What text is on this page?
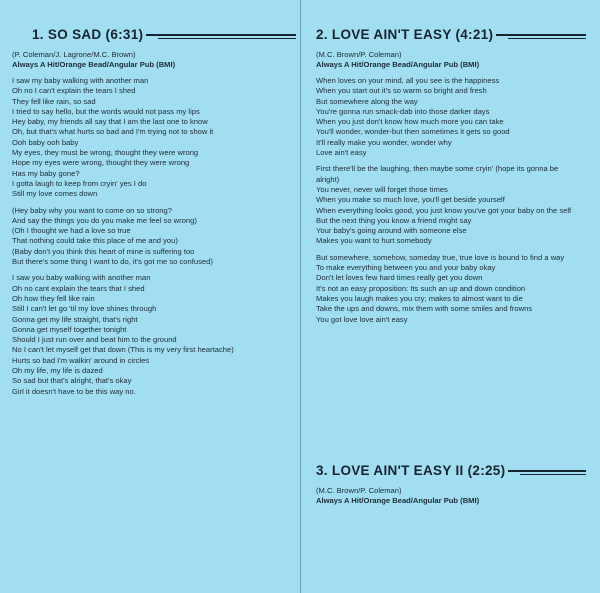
1. SO SAD (6:31)
(P. Coleman/J. Lagrone/M.C. Brown)
Always A Hit/Orange Bead/Angular Pub (BMI)
I saw my baby walking with another man
Oh no I can't explain the tears I shed
They fell like rain, so sad
I tried to say hello, but the words would not pass my lips
Hey baby, my friends all say that I am the last one to know
Oh, but that's what hurts so bad and I'm trying not to show it
Ooh baby ooh baby
My eyes, they must be wrong, thought they were wrong
Hope my eyes were wrong, thought they were wrong
Has my baby gone?
I gotta laugh to keep from cryin' yes I do
Still my love comes down
(Hey baby why you want to come on so strong?
And say the things you do you make me feel so wrong)
(Oh I thought we had a love so true
That nothing could take this place of me and you)
(Baby don't you think this heart of mine is suffering too
But there's some thing I want to do, it's got me so confused)
I saw you baby walking with another man
Oh no cant explain the tears that I shed
Oh how they fell like rain
Still I can't let go 'til my love shines through
Gonna get my life straight, that's right
Gonna get myself together tonight
Should I just run over and beat him to the ground
No I can't let myself get that down (This is my very first heartache)
Hurts so bad I'm walkin' around in circles
Oh my life, my life is dazed
So sad but that's alright, that's okay
Girl it doesn't have to be this way no.
2. LOVE AIN'T EASY (4:21)
(M.C. Brown/P. Coleman)
Always A Hit/Orange Bead/Angular Pub (BMI)
When loves on your mind, all you see is the happiness
When you start out it's so warm so bright and fresh
But somewhere along the way
You're gonna run smack-dab into those darker days
When you just don't know how much more you can take
You'll wonder, wonder-but then sometimes it gets so good
It'll really make you wonder, wonder why
Love ain't easy
First there'll be the laughing, then maybe some cryin' (hope its gonna be alright)
You never, never will forget those times
When you make so much love, you'll get beside yourself
When everything looks good, you just know you've got your baby on the self
But the next thing you know a friend might say
Your baby's going around with someone else
Makes you want to hurt somebody
But somewhere, somehow, someday true, true love is bound to find a way
To make everything between you and your baby okay
Don't let loves few hard times really get you down
It's not an easy proposition: Its such an up and down condition
Makes you laugh makes you cry; makes to almost want to die
Take the ups and downs, mix them with some smiles and frowns
You got love love ain't easy
3. LOVE AIN'T EASY II (2:25)
(M.C. Brown/P. Coleman)
Always A Hit/Orange Bead/Angular Pub (BMI)
